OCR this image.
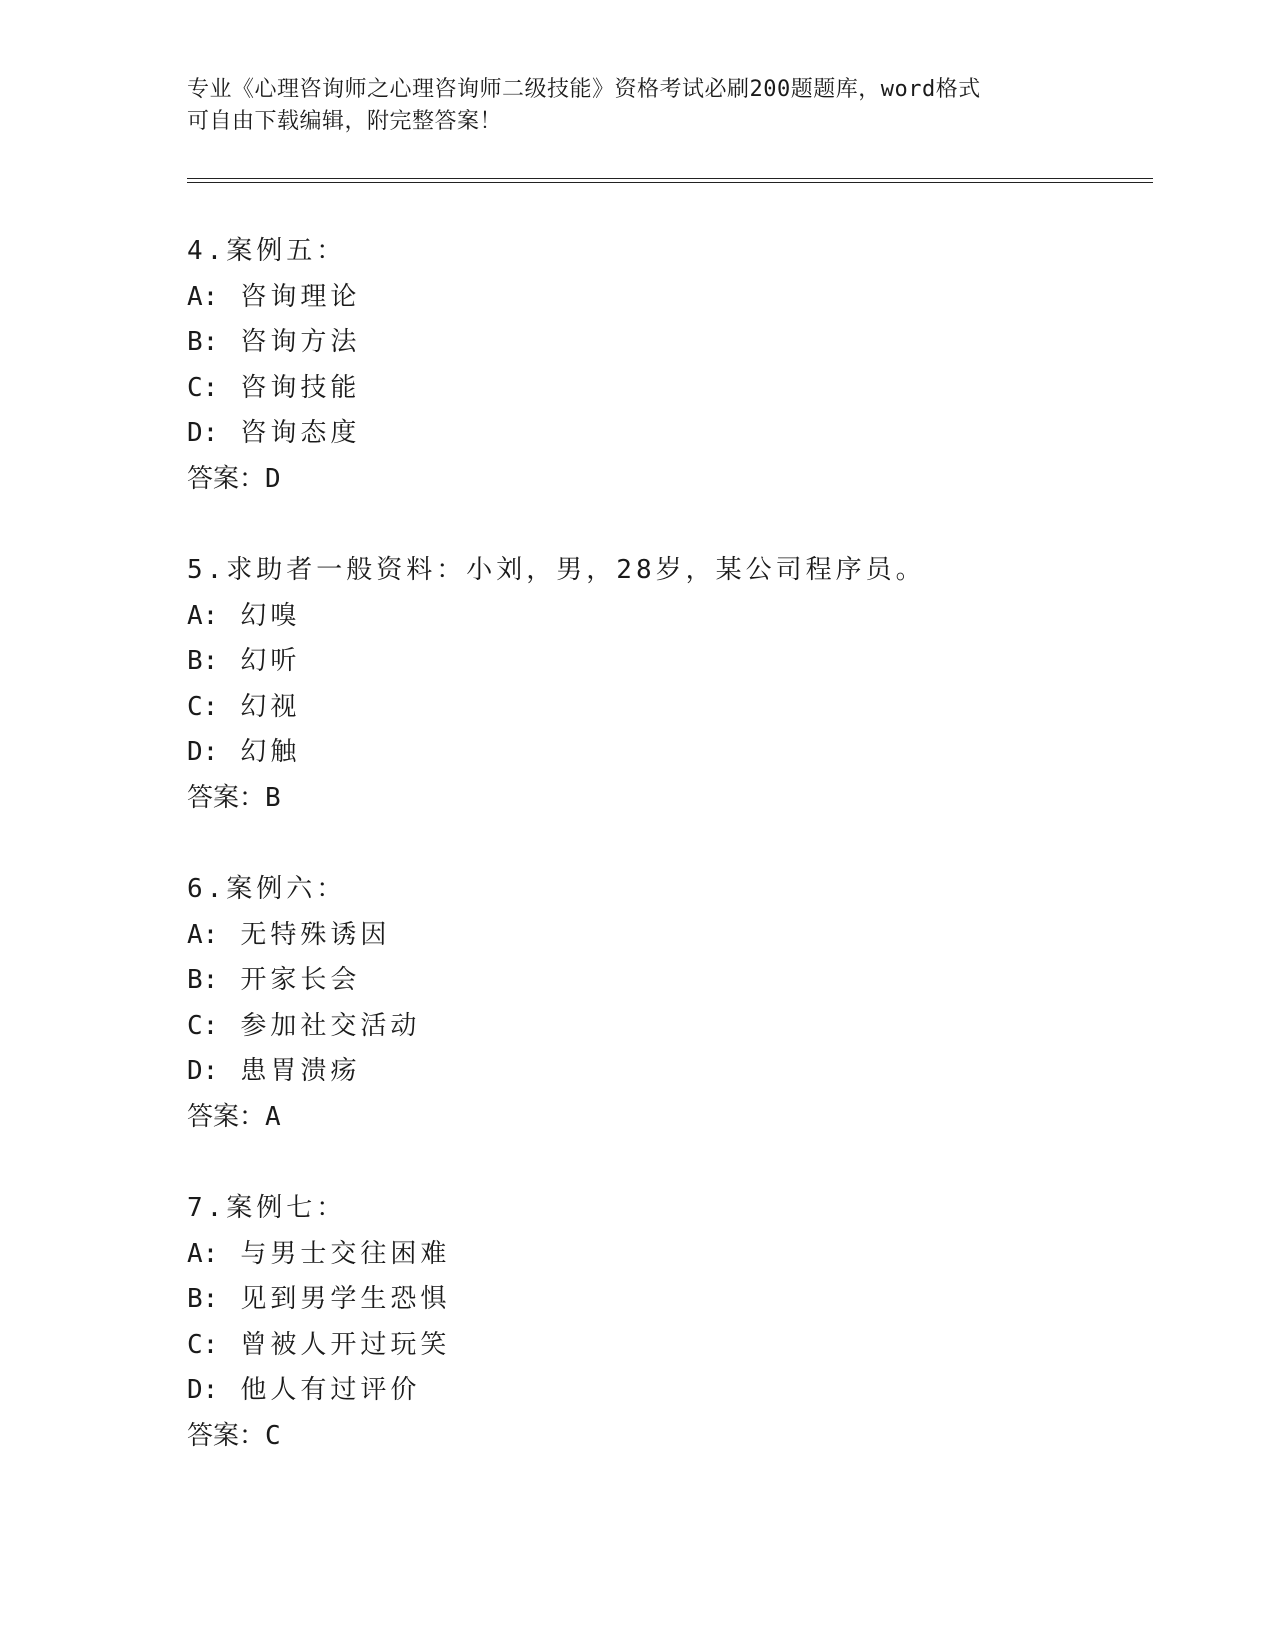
专业《心理咨询师之心理咨询师二级技能》资格考试必刷200题题库，word格式
可自由下载编辑，附完整答案！
4.案例五：
A: 咨询理论
B: 咨询方法
C: 咨询技能
D: 咨询态度
答案：D
5.求助者一般资料：小刘，男，28岁，某公司程序员。
A: 幻嗅
B: 幻听
C: 幻视
D: 幻触
答案：B
6.案例六：
A: 无特殊诱因
B: 开家长会
C: 参加社交活动
D: 患胃溃疡
答案：A
7.案例七：
A: 与男士交往困难
B: 见到男学生恐惧
C: 曾被人开过玩笑
D: 他人有过评价
答案：C
